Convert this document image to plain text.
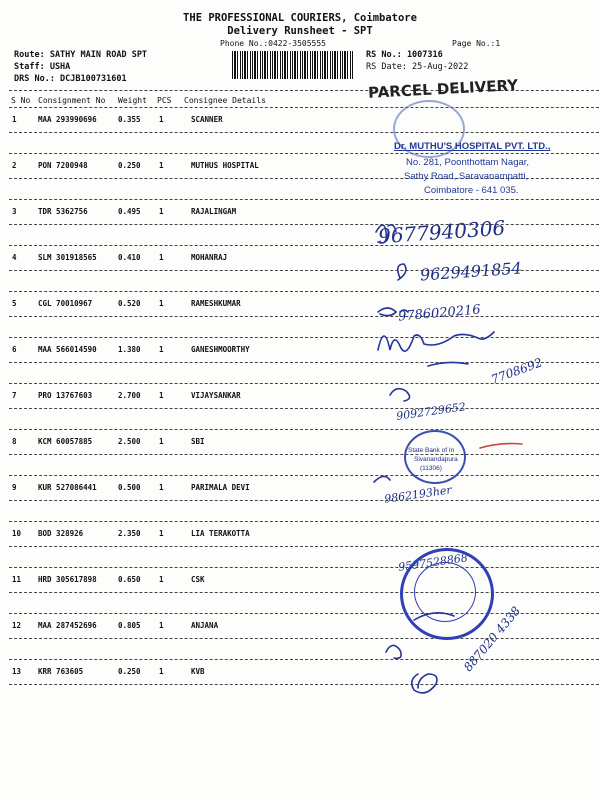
THE PROFESSIONAL COURIERS, Coimbatore
Delivery Runsheet - SPT
Phone No.:0422-3505555	Page No.:1
Route: SATHY MAIN ROAD SPT
Staff: USHA
DRS No.: DCJB100731601
RS No.: 1007316
RS Date: 25-Aug-2022
S No Consignment No Weight PCS Consignee Details
1	MAA 293990696	0.355 1	SCANNER
2	PON 7200948	0.250 1	MUTHUS HOSPITAL
3	TDR 5362756	0.495 1	RAJALINGAM
4	SLM 301918565	0.410 1	MOHANRAJ
5	CGL 70010967	0.520 1	RAMESHKUMAR
6	MAA 566014590	1.380 1	GANESHMOORTHY
7	PRO 13767603	2.700 1	VIJAYSANKAR
8	KCM 60057885	2.500 1	SBI
9	KUR 527086441	0.500 1	PARIMALA DEVI
10 BOD 328926	2.350 1	LIA TERAKOTTA
11 HRD 305617898	0.650 1	CSK
12 MAA 287452696	0.805 1	ANJANA
13 KRR 763605	0.250 1	KVB
PARCEL DELIVERY
Dr. MUTHU'S HOSPITAL PVT. LTD.,
No. 281, Poonthottam Nagar,
Sathy Road, Saravanampatti,
Coimbatore - 641 035.
9677940306
9629491854
9786020216
7708692
9092729652
9862193her
9597528868
887020 4338
State Bank of In
Sivanandapura
(11306)
